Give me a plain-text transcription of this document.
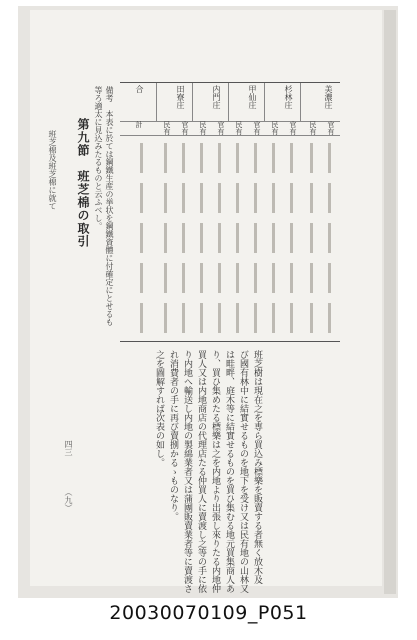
班芝棉及班芝棉に就て 第九節　班芝棉の取引	備考　本表に於ては鋼鐵生産の挙状を鋼鐵資體に付確定にとせるも等ろ適太に見込みたるものと云ふべし。	美濃庄
官有
民有
杉林庄
官有
民有
甲仙庄
官有
民有
内門庄
官有
民有
田寮庄
官有
民有
合
計
班芝樹は現在之を専ら買込み標樂を販賣する者無く放木及
び國有林中に結實せるものを地下を受け又は民有地の山林又
は畦畔、庭木等に結實せるものを買ひ集むる地元買集商人あ
り、買ひ集めたる標樂は之を内地より出張し來りたる内地仲
買人又は内地商店の代理店たる仲買人に賣渡し之等の手に依
り内地へ輸送し内地の製綿業者又は蒲團販賣業者等に賣渡さ
れ消費者の手に再び賣捌かるゝものなり。
之を圖解すれば次表の如し。
四三
（九）
20030070109_P051
